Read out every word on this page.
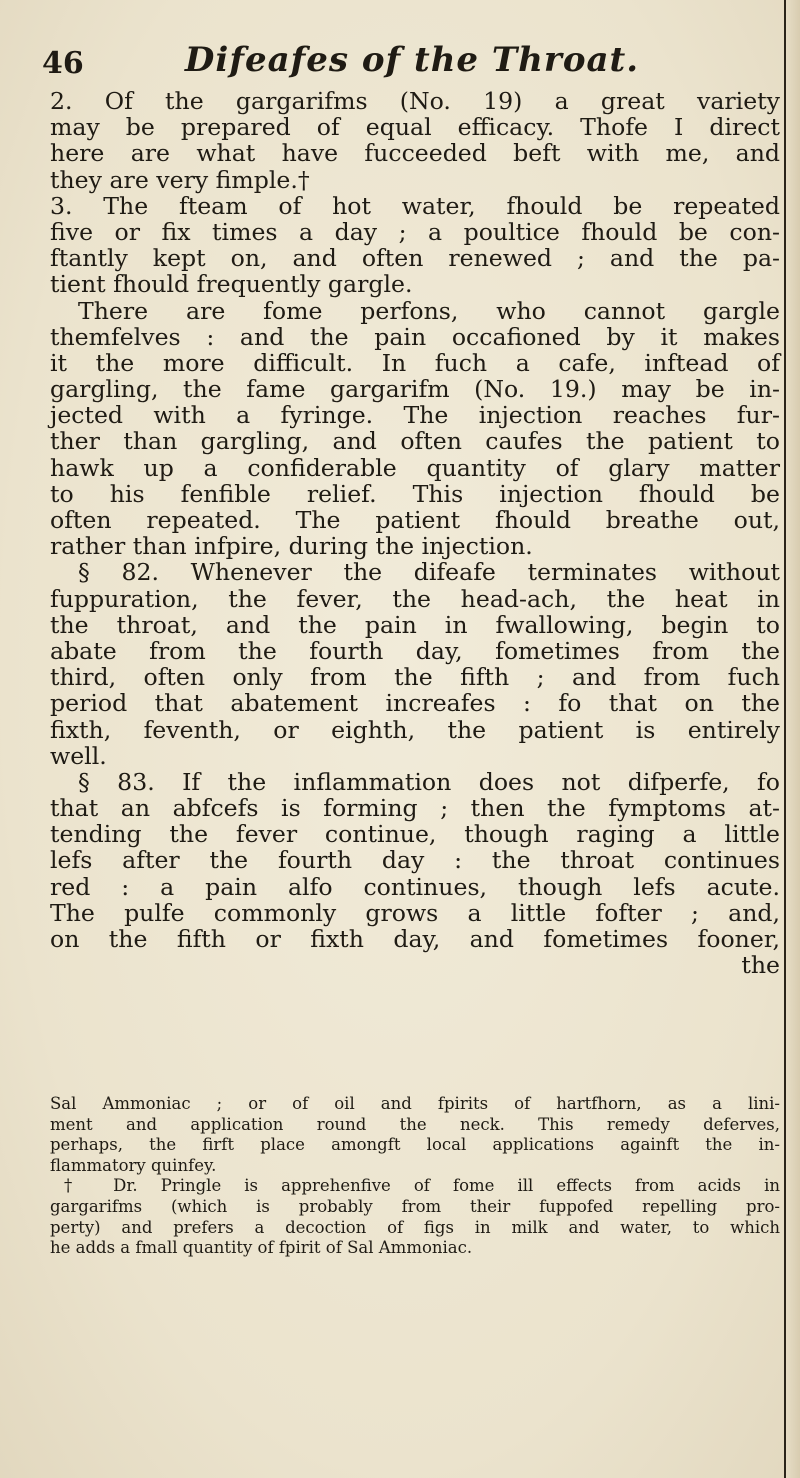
46	Difeafes of the Throat.
2. Of the gargarifms (No. 19) a great variety
may be prepared of equal efficacy. Thofe I direct
here are what have fucceeded beft with me, and
they are very fimple.†
3. The fteam of hot water, fhould be repeated
five or fix times a day ; a poultice fhould be con-
ftantly kept on, and often renewed ; and the pa-
tient fhould frequently gargle.
There are fome perfons, who cannot gargle
themfelves : and the pain occafioned by it makes
it the more difficult. In fuch a cafe, inftead of
gargling, the fame gargarifm (No. 19.) may be in-
jected with a fyringe. The injection reaches fur-
ther than gargling, and often caufes the patient to
hawk up a confiderable quantity of glary matter
to his fenfible relief. This injection fhould be
often repeated. The patient fhould breathe out,
rather than infpire, during the injection.
§ 82. Whenever the difeafe terminates without
fuppuration, the fever, the head-ach, the heat in
the throat, and the pain in fwallowing, begin to
abate from the fourth day, fometimes from the
third, often only from the fifth ; and from fuch
period that abatement increafes : fo that on the
fixth, feventh, or eighth, the patient is entirely
well.
§ 83. If the inflammation does not difperfe, fo
that an abfcefs is forming ; then the fymptoms at-
tending the fever continue, though raging a little
lefs after the fourth day : the throat continues
red : a pain alfo continues, though lefs acute.
The pulfe commonly grows a little fofter ; and,
on the fifth or fixth day, and fometimes fooner,
the
Sal Ammoniac ; or of oil and fpirits of hartfhorn, as a lini-
ment and application round the neck. This remedy deferves,
perhaps, the firft place amongft local applications againft the in-
flammatory quinfey.
† Dr. Pringle is apprehenfive of fome ill effects from acids in
gargarifms (which is probably from their fuppofed repelling pro-
perty) and prefers a decoction of figs in milk and water, to which
he adds a fmall quantity of fpirit of Sal Ammoniac.
